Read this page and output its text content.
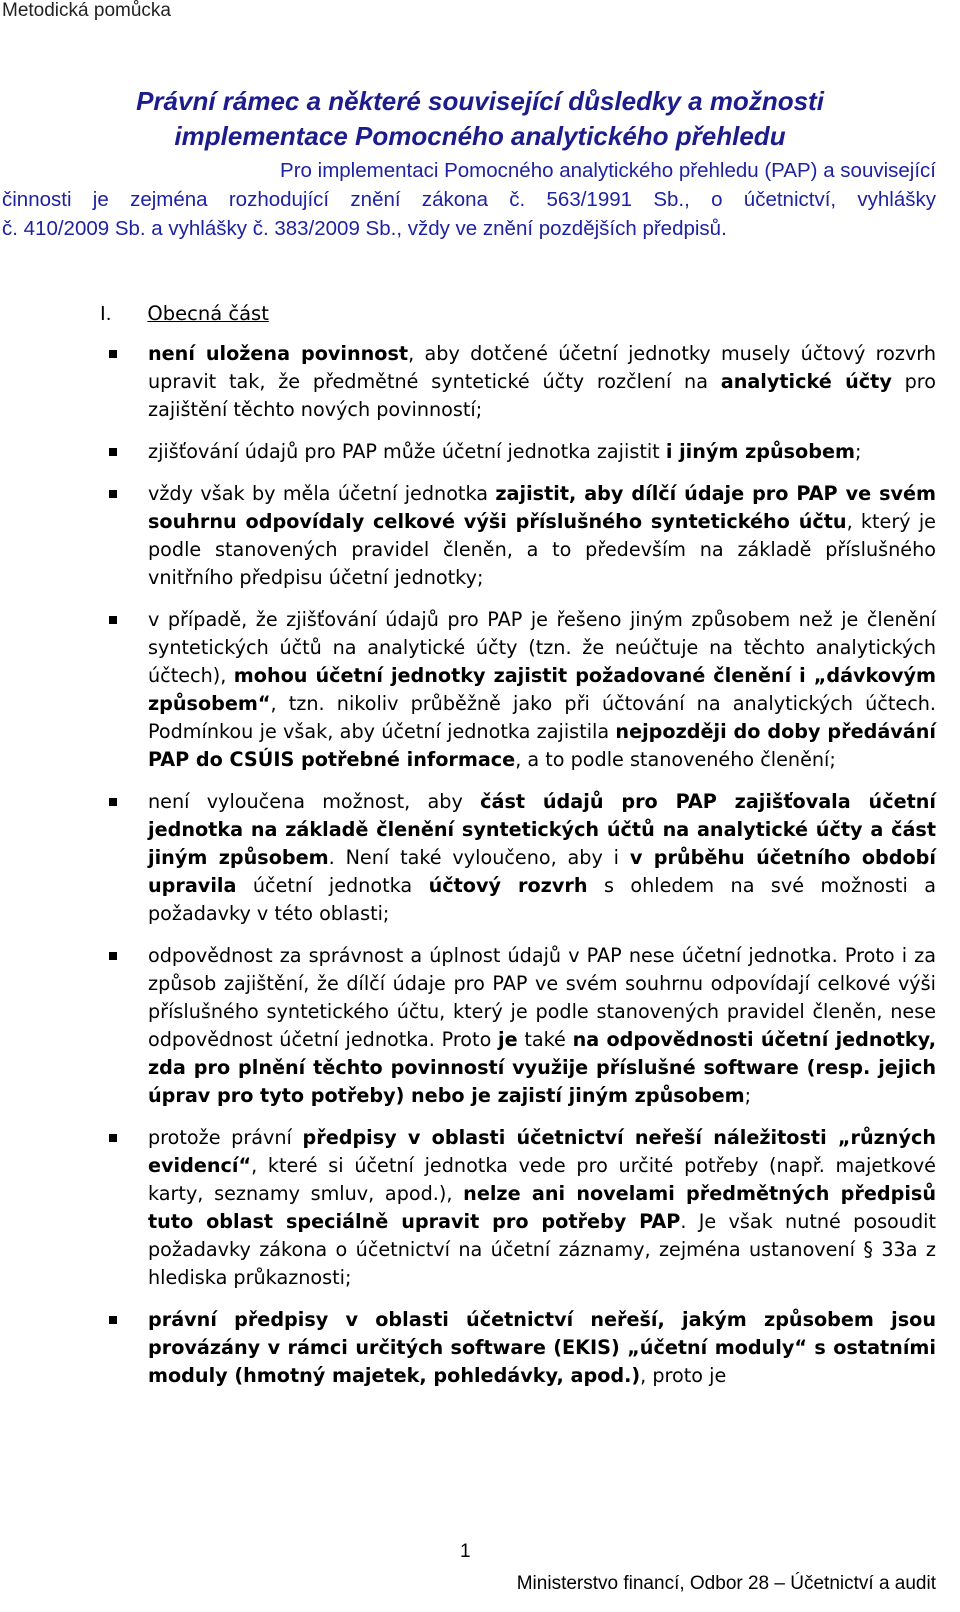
Metodická pomůcka
Právní rámec a některé související důsledky a možnosti
implementace Pomocného analytického přehledu
Pro implementaci Pomocného analytického přehledu (PAP) a související
činnosti je zejména rozhodující znění zákona č. 563/1991 Sb., o účetnictví, vyhlášky
č. 410/2009 Sb. a vyhlášky č. 383/2009 Sb., vždy ve znění pozdějších předpisů.
I. Obecná část
není uložena povinnost, aby dotčené účetní jednotky musely účtový rozvrh upravit tak, že předmětné syntetické účty rozčlení na analytické účty pro zajištění těchto nových povinností;
zjišťování údajů pro PAP může účetní jednotka zajistit i jiným způsobem;
vždy však by měla účetní jednotka zajistit, aby dílčí údaje pro PAP ve svém souhrnu odpovídaly celkové výši příslušného syntetického účtu, který je podle stanovených pravidel členěn, a to především na základě příslušného vnitřního předpisu účetní jednotky;
v případě, že zjišťování údajů pro PAP je řešeno jiným způsobem než je členění syntetických účtů na analytické účty (tzn. že neúčtuje na těchto analytických účtech), mohou účetní jednotky zajistit požadované členění i „dávkovým způsobem“, tzn. nikoliv průběžně jako při účtování na analytických účtech. Podmínkou je však, aby účetní jednotka zajistila nejpozději do doby předávání PAP do CSÚIS potřebné informace, a to podle stanoveného členění;
není vyloučena možnost, aby část údajů pro PAP zajišťovala účetní jednotka na základě členění syntetických účtů na analytické účty a část jiným způsobem. Není také vyloučeno, aby i v průběhu účetního období upravila účetní jednotka účtový rozvrh s ohledem na své možnosti a požadavky v této oblasti;
odpovědnost za správnost a úplnost údajů v PAP nese účetní jednotka. Proto i za způsob zajištění, že dílčí údaje pro PAP ve svém souhrnu odpovídají celkové výši příslušného syntetického účtu, který je podle stanovených pravidel členěn, nese odpovědnost účetní jednotka. Proto je také na odpovědnosti účetní jednotky, zda pro plnění těchto povinností využije příslušné software (resp. jejich úprav pro tyto potřeby) nebo je zajistí jiným způsobem;
protože právní předpisy v oblasti účetnictví neřeší náležitosti „různých evidencí“, které si účetní jednotka vede pro určité potřeby (např. majetkové karty, seznamy smluv, apod.), nelze ani novelami předmětných předpisů tuto oblast speciálně upravit pro potřeby PAP. Je však nutné posoudit požadavky zákona o účetnictví na účetní záznamy, zejména ustanovení § 33a z hlediska průkaznosti;
právní předpisy v oblasti účetnictví neřeší, jakým způsobem jsou provázány v rámci určitých software (EKIS) „účetní moduly“ s ostatními moduly (hmotný majetek, pohledávky, apod.), proto je
1
Ministerstvo financí, Odbor 28 – Účetnictví a audit
